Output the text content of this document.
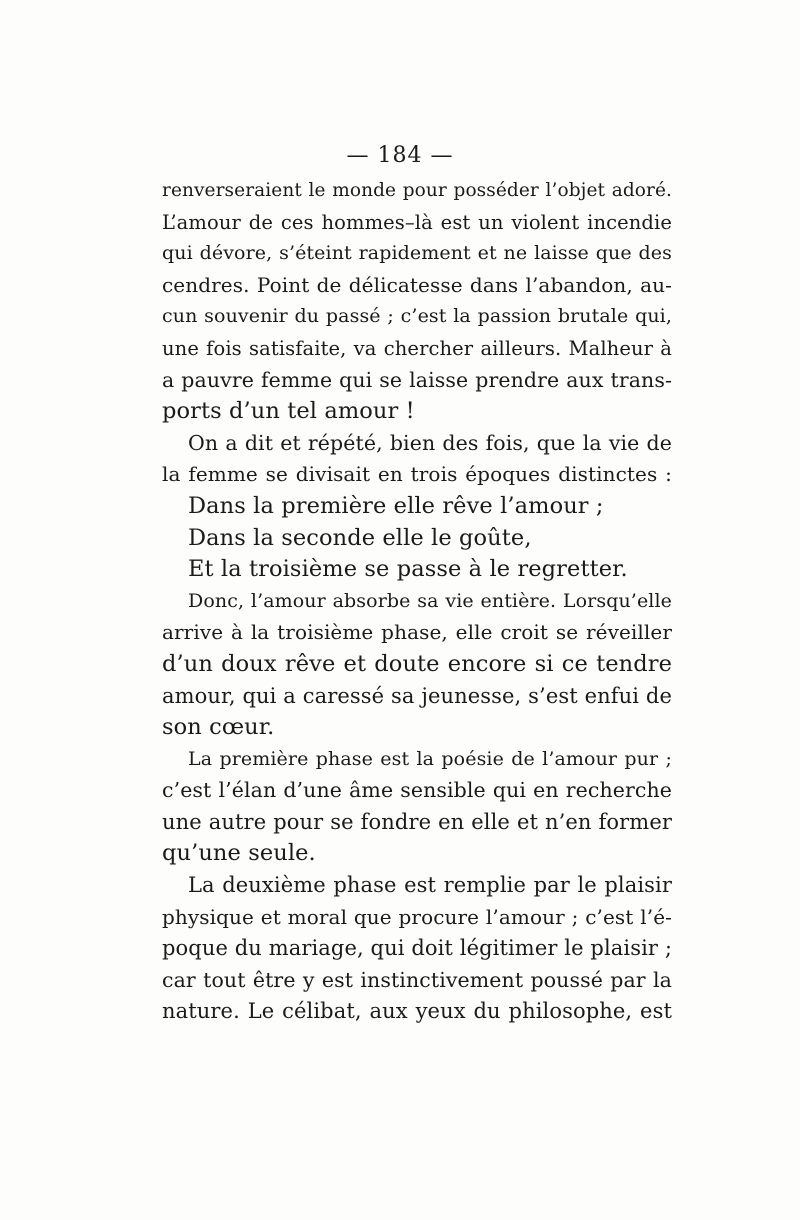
— 184 —
renverseraient le monde pour posséder l’objet adoré.
L’amour de ces hommes–là est un violent incendie
qui dévore, s’éteint rapidement et ne laisse que des
cendres. Point de délicatesse dans l’abandon, au-
cun souvenir du passé ; c’est la passion brutale qui,
une fois satisfaite, va chercher ailleurs. Malheur à
a pauvre femme qui se laisse prendre aux trans-
ports d’un tel amour !
On a dit et répété, bien des fois, que la vie de
la femme se divisait en trois époques distinctes :
Dans la première elle rêve l’amour ;
Dans la seconde elle le goûte,
Et la troisième se passe à le regretter.
Donc, l’amour absorbe sa vie entière. Lorsqu’elle
arrive à la troisième phase, elle croit se réveiller
d’un doux rêve et doute encore si ce tendre
amour, qui a caressé sa jeunesse, s’est enfui de
son cœur.
La première phase est la poésie de l’amour pur ;
c’est l’élan d’une âme sensible qui en recherche
une autre pour se fondre en elle et n’en former
qu’une seule.
La deuxième phase est remplie par le plaisir
physique et moral que procure l’amour ; c’est l’é-
poque du mariage, qui doit légitimer le plaisir ;
car tout être y est instinctivement poussé par la
nature. Le célibat, aux yeux du philosophe, est
